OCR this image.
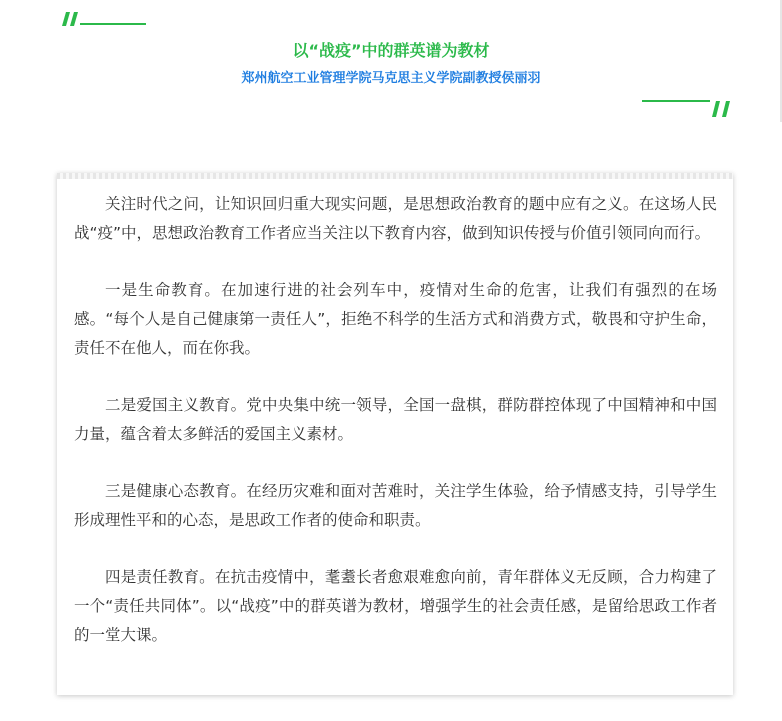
以“战疫”中的群英谱为教材
郑州航空工业管理学院马克思主义学院副教授侯丽羽

关注时代之问，让知识回归重大现实问题，是思想政治教育的题中应有之义。在这场人民战“疫”中，思想政治教育工作者应当关注以下教育内容，做到知识传授与价值引领同向而行。

一是生命教育。在加速行进的社会列车中，疫情对生命的危害，让我们有强烈的在场感。“每个人是自己健康第一责任人”，拒绝不科学的生活方式和消费方式，敬畏和守护生命，责任不在他人，而在你我。

二是爱国主义教育。党中央集中统一领导，全国一盘棋，群防群控体现了中国精神和中国力量，蕴含着太多鲜活的爱国主义素材。

三是健康心态教育。在经历灾难和面对苦难时，关注学生体验，给予情感支持，引导学生形成理性平和的心态，是思政工作者的使命和职责。

四是责任教育。在抗击疫情中，耄耋长者愈艰难愈向前，青年群体义无反顾，合力构建了一个“责任共同体”。以“战疫”中的群英谱为教材，增强学生的社会责任感，是留给思政工作者的一堂大课。
